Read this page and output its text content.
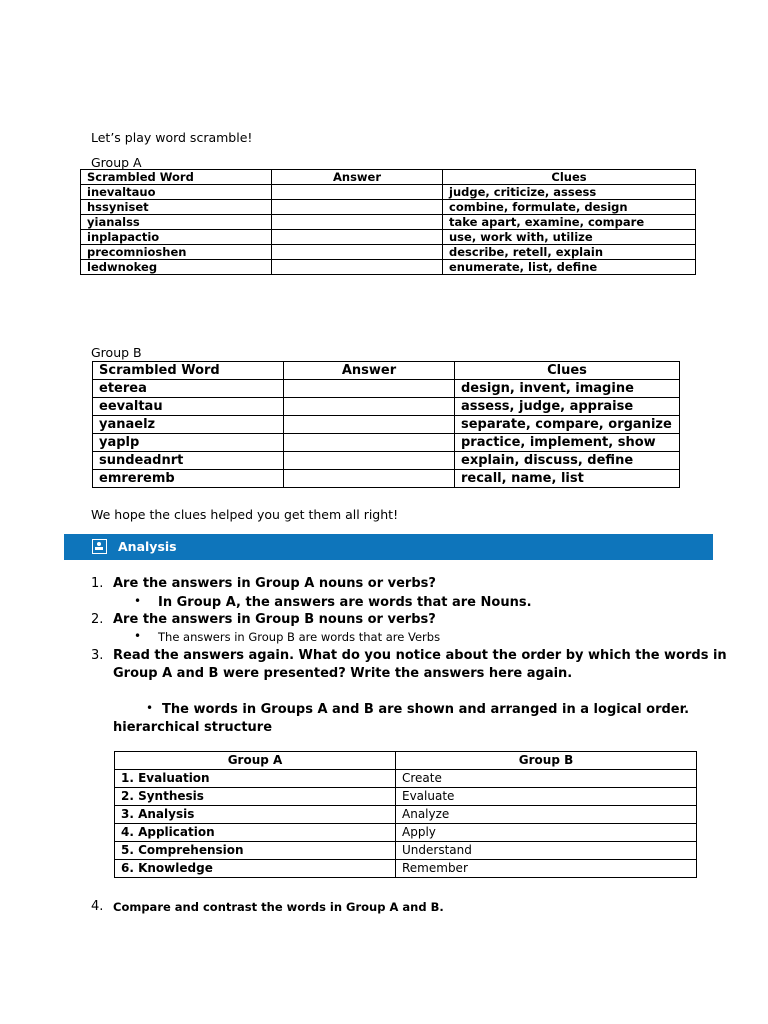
Let’s play word scramble!
Group A
Scrambled Word	Answer	Clues
inevaltauo		judge, criticize, assess
hssyniset		combine, formulate, design
yianalss		take apart, examine, compare
inplapactio		use, work with, utilize
precomnioshen		describe, retell, explain
ledwnokeg		enumerate, list, define
Group B
Scrambled Word	Answer	Clues
eterea		design, invent, imagine
eevaltau		assess, judge, appraise
yanaelz		separate, compare, organize
yaplp		practice, implement, show
sundeadnrt		explain, discuss, define
emreremb		recall, name, list
We hope the clues helped you get them all right!
Analysis
1. Are the answers in Group A nouns or verbs?
• In Group A, the answers are words that are Nouns.
2. Are the answers in Group B nouns or verbs?
• The answers in Group B are words that are Verbs
3. Read the answers again. What do you notice about the order by which the words in
Group A and B were presented? Write the answers here again.
• The words in Groups A and B are shown and arranged in a logical order.
hierarchical structure
Group A	Group B
1. Evaluation	Create
2. Synthesis	Evaluate
3. Analysis	Analyze
4. Application	Apply
5. Comprehension	Understand
6. Knowledge	Remember
4. Compare and contrast the words in Group A and B.
